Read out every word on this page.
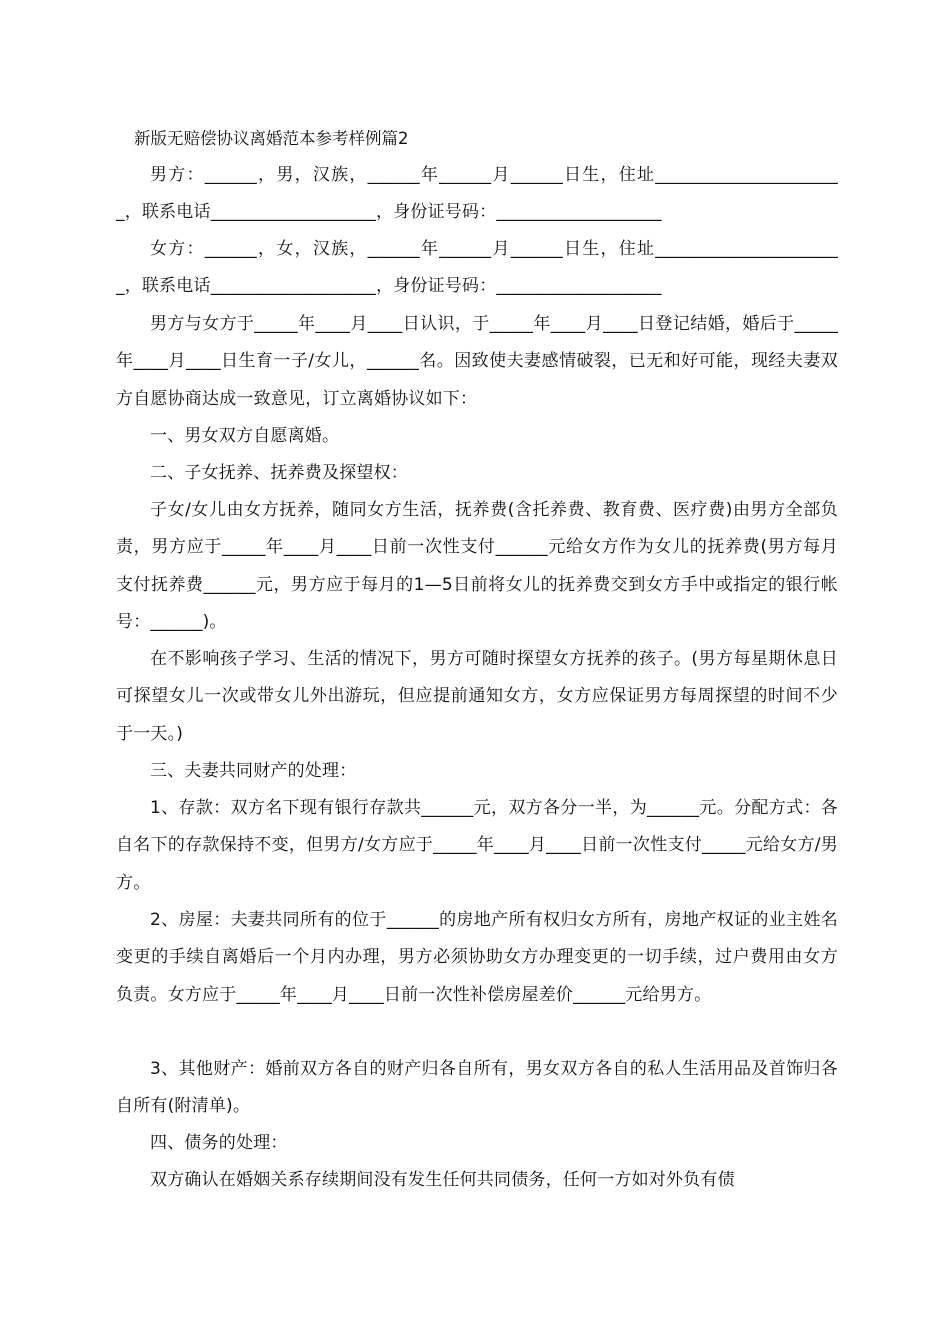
新版无赔偿协议离婚范本参考样例篇2

男方：______，男，汉族，______年______月______日生，住址______________________，联系电话___________________，身份证号码：___________________

女方：______，女，汉族，______年______月______日生，住址______________________，联系电话___________________，身份证号码：___________________

男方与女方于_____年____月____日认识，于_____年____月____日登记结婚，婚后于_____年____月____日生育一子/女儿，______名。因致使夫妻感情破裂，已无和好可能，现经夫妻双方自愿协商达成一致意见，订立离婚协议如下：

一、男女双方自愿离婚。

二、子女抚养、抚养费及探望权：

子女/女儿由女方抚养，随同女方生活，抚养费(含托养费、教育费、医疗费)由男方全部负责，男方应于_____年____月____日前一次性支付______元给女方作为女儿的抚养费(男方每月支付抚养费______元，男方应于每月的1—5日前将女儿的抚养费交到女方手中或指定的银行帐号：______)。

在不影响孩子学习、生活的情况下，男方可随时探望女方抚养的孩子。(男方每星期休息日可探望女儿一次或带女儿外出游玩，但应提前通知女方，女方应保证男方每周探望的时间不少于一天。)

三、夫妻共同财产的处理：

1、存款：双方名下现有银行存款共______元，双方各分一半，为______元。分配方式：各自名下的存款保持不变，但男方/女方应于_____年____月____日前一次性支付_____元给女方/男方。

2、房屋：夫妻共同所有的位于______的房地产所有权归女方所有，房地产权证的业主姓名变更的手续自离婚后一个月内办理，男方必须协助女方办理变更的一切手续，过户费用由女方负责。女方应于_____年____月____日前一次性补偿房屋差价______元给男方。

3、其他财产：婚前双方各自的财产归各自所有，男女双方各自的私人生活用品及首饰归各自所有(附清单)。

四、债务的处理：

双方确认在婚姻关系存续期间没有发生任何共同债务，任何一方如对外负有债
